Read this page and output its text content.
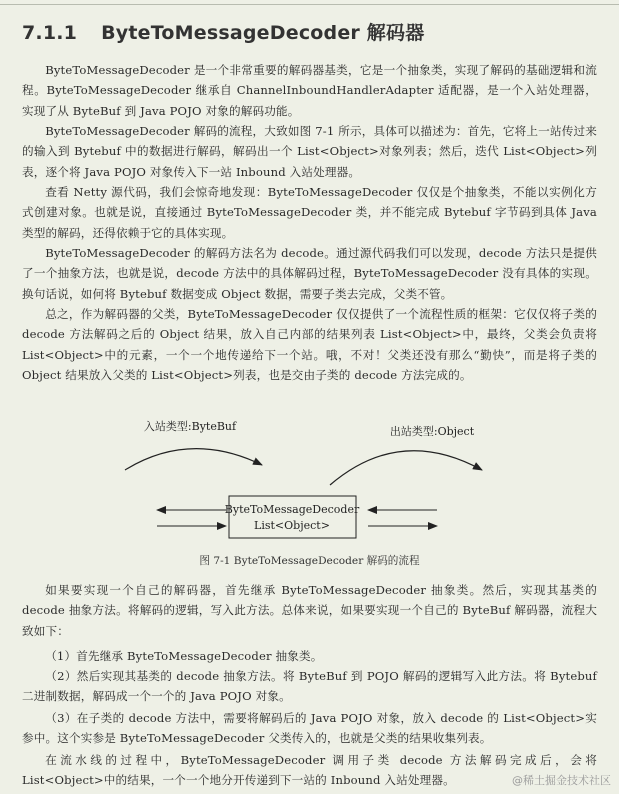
7.1.1 ByteToMessageDecoder 解码器

ByteToMessageDecoder 是一个非常重要的解码器基类，它是一个抽象类，实现了解码的基础逻辑和流程。ByteToMessageDecoder 继承自 ChannelInboundHandlerAdapter 适配器，是一个入站处理器，实现了从 ByteBuf 到 Java POJO 对象的解码功能。

ByteToMessageDecoder 解码的流程，大致如图 7-1 所示，具体可以描述为：首先，它将上一站传过来的输入到 Bytebuf 中的数据进行解码，解码出一个 List<Object>对象列表；然后，迭代 List<Object>列表，逐个将 Java POJO 对象传入下一站 Inbound 入站处理器。

查看 Netty 源代码，我们会惊奇地发现：ByteToMessageDecoder 仅仅是个抽象类，不能以实例化方式创建对象。也就是说，直接通过 ByteToMessageDecoder 类，并不能完成 Bytebuf 字节码到具体 Java 类型的解码，还得依赖于它的具体实现。

ByteToMessageDecoder 的解码方法名为 decode。通过源代码我们可以发现，decode 方法只是提供了一个抽象方法，也就是说，decode 方法中的具体解码过程，ByteToMessageDecoder 没有具体的实现。换句话说，如何将 Bytebuf 数据变成 Object 数据，需要子类去完成，父类不管。

总之，作为解码器的父类，ByteToMessageDecoder 仅仅提供了一个流程性质的框架：它仅仅将子类的 decode 方法解码之后的 Object 结果，放入自己内部的结果列表 List<Object>中，最终，父类会负责将 List<Object>中的元素，一个一个地传递给下一个站。哦，不对！父类还没有那么“勤快”，而是将子类的 Object 结果放入父类的 List<Object>列表，也是交由子类的 decode 方法完成的。

入站类型:ByteBuf	出站类型:Object
ByteToMessageDecoder
List<Object>

图 7-1 ByteToMessageDecoder 解码的流程

如果要实现一个自己的解码器，首先继承 ByteToMessageDecoder 抽象类。然后，实现其基类的 decode 抽象方法。将解码的逻辑，写入此方法。总体来说，如果要实现一个自己的 ByteBuf 解码器，流程大致如下：

（1）首先继承 ByteToMessageDecoder 抽象类。

（2）然后实现其基类的 decode 抽象方法。将 ByteBuf 到 POJO 解码的逻辑写入此方法。将 Bytebuf 二进制数据，解码成一个一个的 Java POJO 对象。

（3）在子类的 decode 方法中，需要将解码后的 Java POJO 对象，放入 decode 的 List<Object>实参中。这个实参是 ByteToMessageDecoder 父类传入的，也就是父类的结果收集列表。

在流水线的过程中，ByteToMessageDecoder 调用子类 decode 方法解码完成后，会将 List<Object>中的结果，一个一个地分开传递到下一站的 Inbound 入站处理器。	@稀土掘金技术社区
